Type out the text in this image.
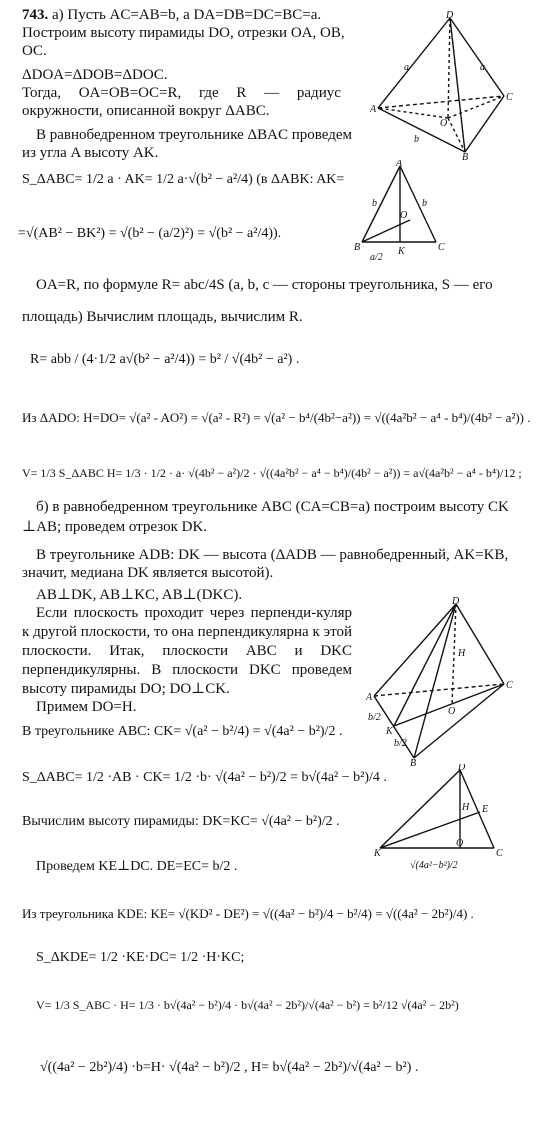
743. а) Пусть AC=AB=b, а DA=DB=DC=BC=a.
Построим высоту пирамиды DO, отрезки OA, OB,
OC.
ΔDOA=ΔDOB=ΔDOC.
Тогда, OA=OB=OC=R, где R — радиус
окружности, описанной вокруг ΔABC.
В равнобедренном треугольнике ΔBAC проведем
из угла A высоту AK.
S_ΔABC= 1/2 a · AK= 1/2 a·√(b² − a²/4) (в ΔABK: AK=
=√(AB² − BK²) = √(b² − (a/2)²) = √(b² − a²/4)).
OA=R, по формуле R= abc/4S (a, b, c — стороны треугольника, S — его
площадь) Вычислим площадь, вычислим R.
R= abb / (4·1/2 a√(b² − a²/4)) = b² / √(4b² − a²) .
Из ΔADO: H=DO= √(a² - AO²) = √(a² - R²) = √(a² − b⁴/(4b²−a²)) = √((4a²b² − a⁴ - b⁴)/(4b² − a²)) .
V= 1/3 S_ΔABC H= 1/3 · 1/2 · a· √(4b² − a²)/2 · √((4a²b² − a⁴ − b⁴)/(4b² − a²)) = a√(4a²b² − a⁴ - b⁴)/12 ;
б) в равнобедренном треугольнике ABC (CA=CB=a) построим высоту CK
⊥AB; проведем отрезок DK.
В треугольнике ADB: DK — высота (ΔADB — равнобедренный, AK=KB,
значит, медиана DK является высотой).
AB⊥DK, AB⊥KC, AB⊥(DKC).
Если плоскость проходит через перпенди-куляр к другой плоскости, то она перпендикулярна к этой плоскости. Итак, плоскости ABC и DKC перпендикулярны. В плоскости DKC проведем высоту пирамиды DO; DO⊥CK.
Примем DO=H.
В треугольнике ABC: CK= √(a² − b²/4) = √(4a² − b²)/2 .
S_ΔABC= 1/2 ·AB · CK= 1/2 ·b· √(4a² − b²)/2 = b√(4a² − b²)/4 .
Вычислим высоту пирамиды: DK=KC= √(4a² − b²)/2 .
Проведем KE⊥DC. DE=EC= b/2 .
Из треугольника KDE: KE= √(KD² - DE²) = √((4a² − b²)/4 − b²/4) = √((4a² − 2b²)/4) .
S_ΔKDE= 1/2 ·KE·DC= 1/2 ·H·KC;
V= 1/3 S_ABC · H= 1/3 · b√(4a² − b²)/4 · b√(4a² − 2b²)/√(4a² − b²) = b²/12 √(4a² − 2b²)
√((4a² − 2b²)/4) ·b=H· √(4a² − b²)/2 , H= b√(4a² − 2b²)/√(4a² − b²) .
D
A
C
B
O
a	a
b
A
B	C
K
O
b	b
a/2
D
A
C
B
K
O
H
b/2
b/2
D
K	C
E
H
O
√(4a²−b²)/2
